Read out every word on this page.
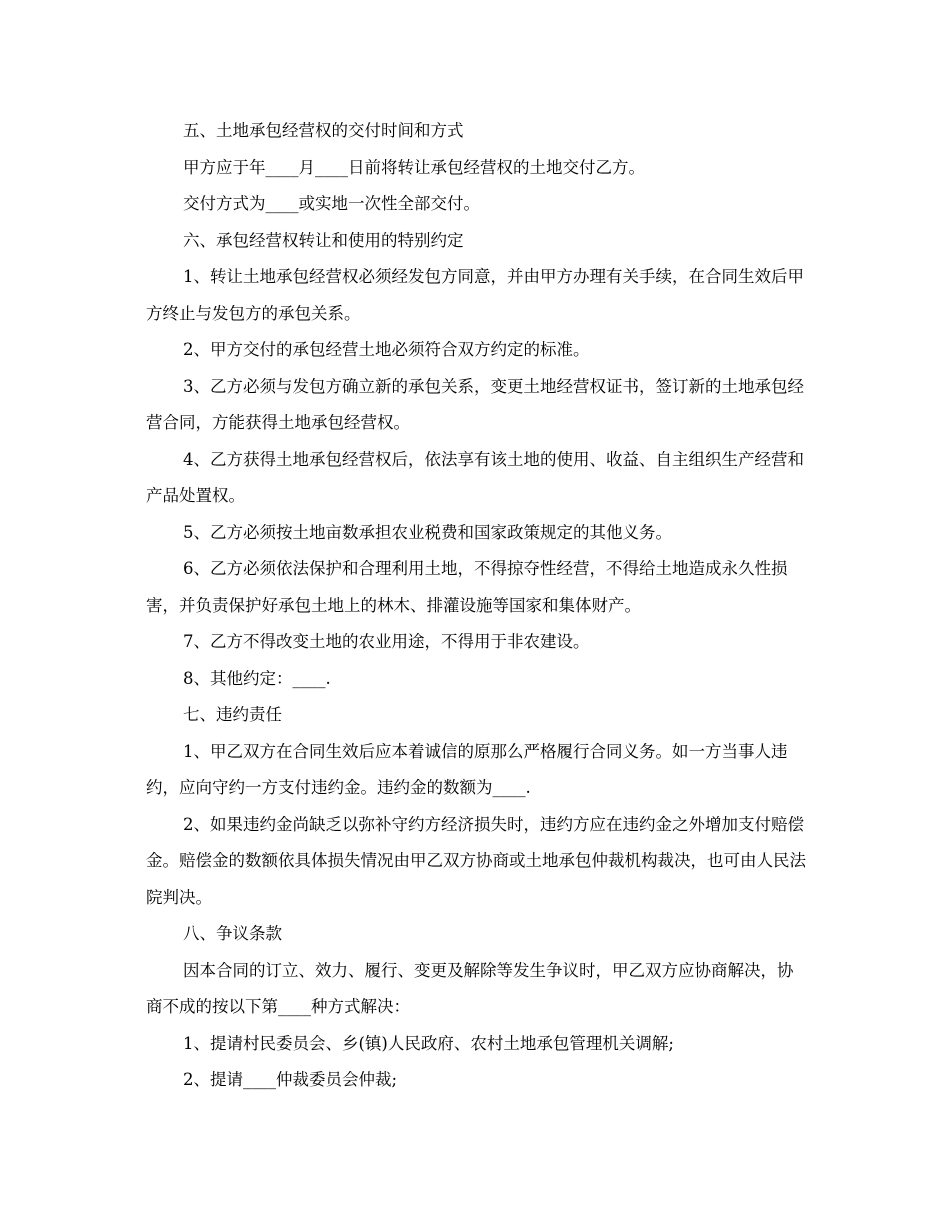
五、土地承包经营权的交付时间和方式

甲方应于年____月____日前将转让承包经营权的土地交付乙方。

交付方式为____或实地一次性全部交付。

六、承包经营权转让和使用的特别约定

1、转让土地承包经营权必须经发包方同意，并由甲方办理有关手续，在合同生效后甲方终止与发包方的承包关系。

2、甲方交付的承包经营土地必须符合双方约定的标准。

3、乙方必须与发包方确立新的承包关系，变更土地经营权证书，签订新的土地承包经营合同，方能获得土地承包经营权。

4、乙方获得土地承包经营权后，依法享有该土地的使用、收益、自主组织生产经营和产品处置权。

5、乙方必须按土地亩数承担农业税费和国家政策规定的其他义务。

6、乙方必须依法保护和合理利用土地，不得掠夺性经营，不得给土地造成永久性损害，并负责保护好承包土地上的林木、排灌设施等国家和集体财产。

7、乙方不得改变土地的农业用途，不得用于非农建设。

8、其他约定：____.

七、违约责任

1、甲乙双方在合同生效后应本着诚信的原那么严格履行合同义务。如一方当事人违约，应向守约一方支付违约金。违约金的数额为____.

2、如果违约金尚缺乏以弥补守约方经济损失时，违约方应在违约金之外增加支付赔偿金。赔偿金的数额依具体损失情况由甲乙双方协商或土地承包仲裁机构裁决，也可由人民法院判决。

八、争议条款

因本合同的订立、效力、履行、变更及解除等发生争议时，甲乙双方应协商解决，协商不成的按以下第____种方式解决：

1、提请村民委员会、乡(镇)人民政府、农村土地承包管理机关调解;

2、提请____仲裁委员会仲裁;
